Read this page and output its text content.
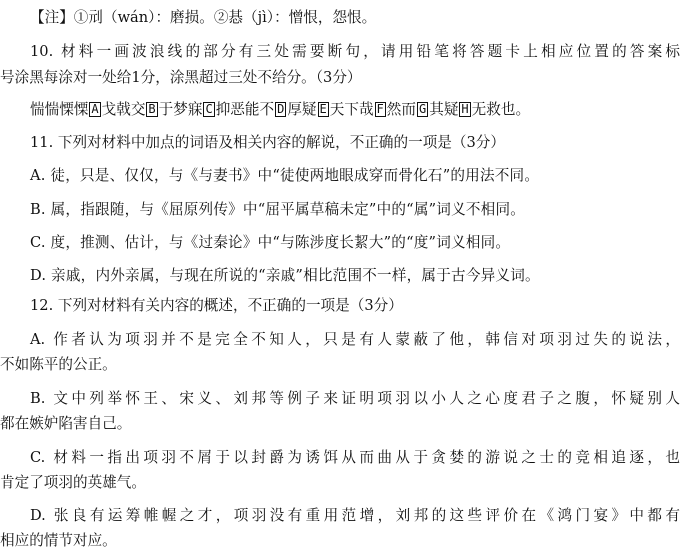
【注】①刓（wán）：磨损。②惎（jì）：憎恨，怨恨。
10. 材料一画波浪线的部分有三处需要断句，请用铅笔将答题卡上相应位置的答案标
号涂黑每涂对一处给1分，涂黑超过三处不给分。（3分）
惴惴慄慄 A 戈戟交 B 于梦寐 C 抑恶能不 D 厚疑 E 天下哉 F 然而 G 其疑 H 无救也。
11. 下列对材料中加点的词语及相关内容的解说，不正确的一项是（3分）
A. 徒，只是、仅仅，与《与妻书》中“徒使两地眼成穿而骨化石”的用法不同。
B. 属，指跟随，与《屈原列传》中“屈平属草稿未定”中的“属”词义不相同。
C. 度，推测、估计，与《过秦论》中“与陈涉度长絜大”的“度”词义相同。
D. 亲戚，内外亲属，与现在所说的“亲戚”相比范围不一样，属于古今异义词。
12. 下列对材料有关内容的概述，不正确的一项是（3分）
A. 作者认为项羽并不是完全不知人，只是有人蒙蔽了他，韩信对项羽过失的说法，
不如陈平的公正。
B. 文中列举怀王、宋义、刘邦等例子来证明项羽以小人之心度君子之腹，怀疑别人
都在嫉妒陷害自己。
C. 材料一指出项羽不屑于以封爵为诱饵从而曲从于贪婪的游说之士的竞相追逐，也
肯定了项羽的英雄气。
D. 张良有运筹帷幄之才，项羽没有重用范增，刘邦的这些评价在《鸿门宴》中都有
相应的情节对应。
